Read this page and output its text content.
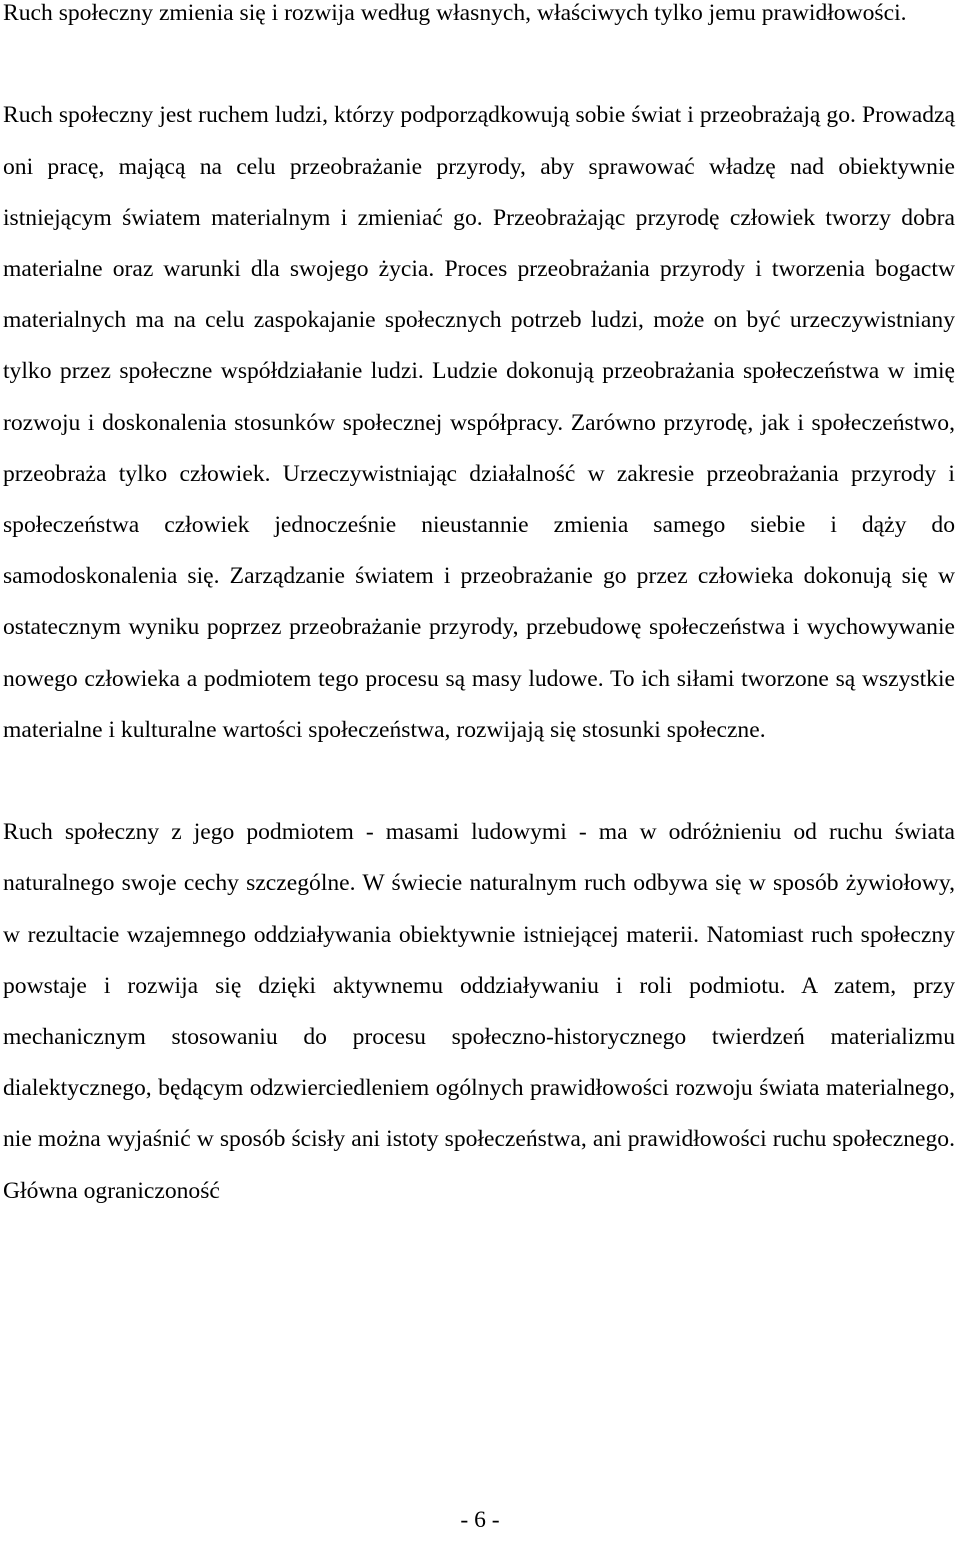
Ruch społeczny zmienia się i rozwija według własnych, właściwych tylko jemu prawidłowości.

Ruch społeczny jest ruchem ludzi, którzy podporządkowują sobie świat i przeobrażają go. Prowadzą oni pracę, mającą na celu przeobrażanie przyrody, aby sprawować władzę nad obiektywnie istniejącym światem materialnym i zmieniać go. Przeobrażając przyrodę człowiek tworzy dobra materialne oraz warunki dla swojego życia. Proces przeobrażania przyrody i tworzenia bogactw materialnych ma na celu zaspokajanie społecznych potrzeb ludzi, może on być urzeczywistniany tylko przez społeczne współdziałanie ludzi. Ludzie dokonują przeobrażania społeczeństwa w imię rozwoju i doskonalenia stosunków społecznej współpracy. Zarówno przyrodę, jak i społeczeństwo, przeobraża tylko człowiek. Urzeczywistniając działalność w zakresie przeobrażania przyrody i społeczeństwa człowiek jednocześnie nieustannie zmienia samego siebie i dąży do samodoskonalenia się. Zarządzanie światem i przeobrażanie go przez człowieka dokonują się w ostatecznym wyniku poprzez przeobrażanie przyrody, przebudowę społeczeństwa i wychowywanie nowego człowieka a podmiotem tego procesu są masy ludowe. To ich siłami tworzone są wszystkie materialne i kulturalne wartości społeczeństwa, rozwijają się stosunki społeczne.

Ruch społeczny z jego podmiotem - masami ludowymi - ma w odróżnieniu od ruchu świata naturalnego swoje cechy szczególne. W świecie naturalnym ruch odbywa się w sposób żywiołowy, w rezultacie wzajemnego oddziaływania obiektywnie istniejącej materii. Natomiast ruch społeczny powstaje i rozwija się dzięki aktywnemu oddziaływaniu i roli podmiotu. A zatem, przy mechanicznym stosowaniu do procesu społeczno-historycznego twierdzeń materializmu dialektycznego, będącym odzwierciedleniem ogólnych prawidłowości rozwoju świata materialnego, nie można wyjaśnić w sposób ścisły ani istoty społeczeństwa, ani prawidłowości ruchu społecznego. Główna ograniczoność

- 6 -
